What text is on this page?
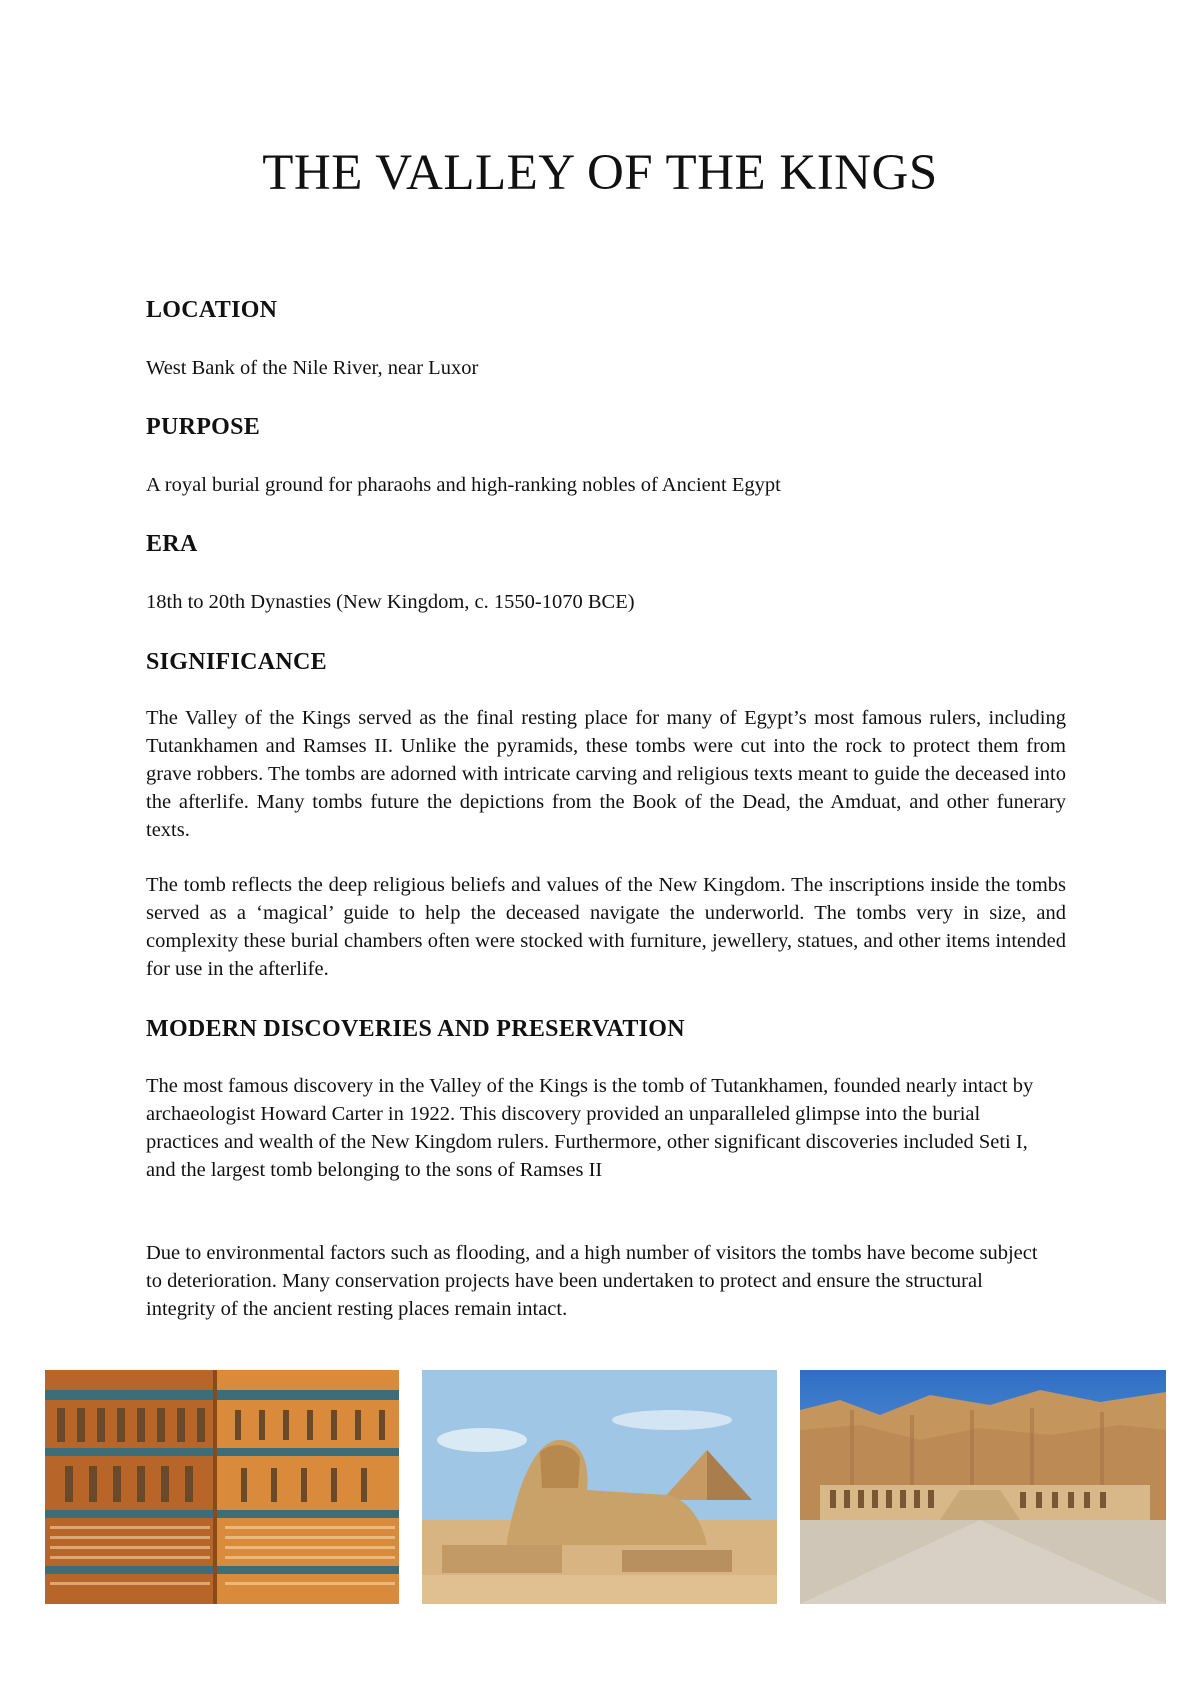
THE VALLEY OF THE KINGS
LOCATION

West Bank of the Nile River, near Luxor

PURPOSE

A royal burial ground for pharaohs and high-ranking nobles of Ancient Egypt

ERA

18th to 20th Dynasties (New Kingdom, c. 1550-1070 BCE)

SIGNIFICANCE

The Valley of the Kings served as the final resting place for many of Egypt’s most famous rulers, including Tutankhamen and Ramses II. Unlike the pyramids, these tombs were cut into the rock to protect them from grave robbers. The tombs are adorned with intricate carving and religious texts meant to guide the deceased into the afterlife. Many tombs future the depictions from the Book of the Dead, the Amduat, and other funerary texts.

The tomb reflects the deep religious beliefs and values of the New Kingdom. The inscriptions inside the tombs served as a ‘magical’ guide to help the deceased navigate the underworld. The tombs very in size, and complexity these burial chambers often were stocked with furniture, jewellery, statues, and other items intended for use in the afterlife.

MODERN DISCOVERIES AND PRESERVATION

The most famous discovery in the Valley of the Kings is the tomb of Tutankhamen, founded nearly intact by archaeologist Howard Carter in 1922. This discovery provided an unparalleled glimpse into the burial practices and wealth of the New Kingdom rulers. Furthermore, other significant discoveries included Seti I, and the largest tomb belonging to the sons of Ramses II

Due to environmental factors such as flooding, and a high number of visitors the tombs have become subject to deterioration. Many conservation projects have been undertaken to protect and ensure the structural integrity of the ancient resting places remain intact.
